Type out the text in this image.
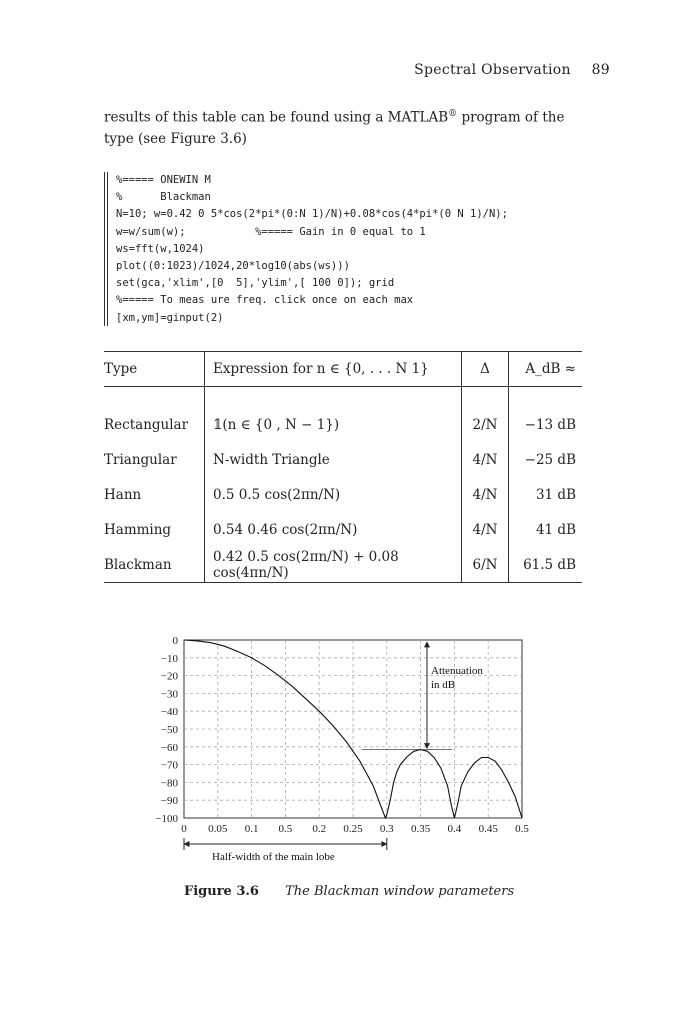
Spectral Observation 89
results of this table can be found using a MATLAB® program of the type (see Figure 3.6)
%===== ONEWIN M
%      Blackman
N=10; w=0.42 0 5*cos(2*pi*(0:N 1)/N)+0.08*cos(4*pi*(0 N 1)/N);
w=w/sum(w);           %===== Gain in 0 equal to 1
ws=fft(w,1024)
plot((0:1023)/1024,20*log10(abs(ws)))
set(gca,'xlim',[0  5],'ylim',[ 100 0]); grid
%===== To meas ure freq. click once on each max
[xm,ym]=ginput(2)
Type	Expression for n ∈ {0, . . . N 1}	Δ	A_dB ≈

Rectangular	𝟙(n ∈ {0 , N − 1})	2/N	−13 dB
Triangular	N-width Triangle	4/N	−25 dB
Hann	0.5 0.5 cos(2πn/N)	4/N	31 dB
Hamming	0.54 0.46 cos(2πn/N)	4/N	41 dB
Blackman	0.42 0.5 cos(2πn/N) + 0.08 cos(4πn/N)	6/N	61.5 dB
0 0.05 0.1 0.5 0.2 0.25 0.3 0.35 0.4 0.45 0.5
0
−10
−20
−30
−40
−50
−60
−70
−80
−90
−100
Attenuation
in dB
Half-width of the main lobe
Figure 3.6 The Blackman window parameters
